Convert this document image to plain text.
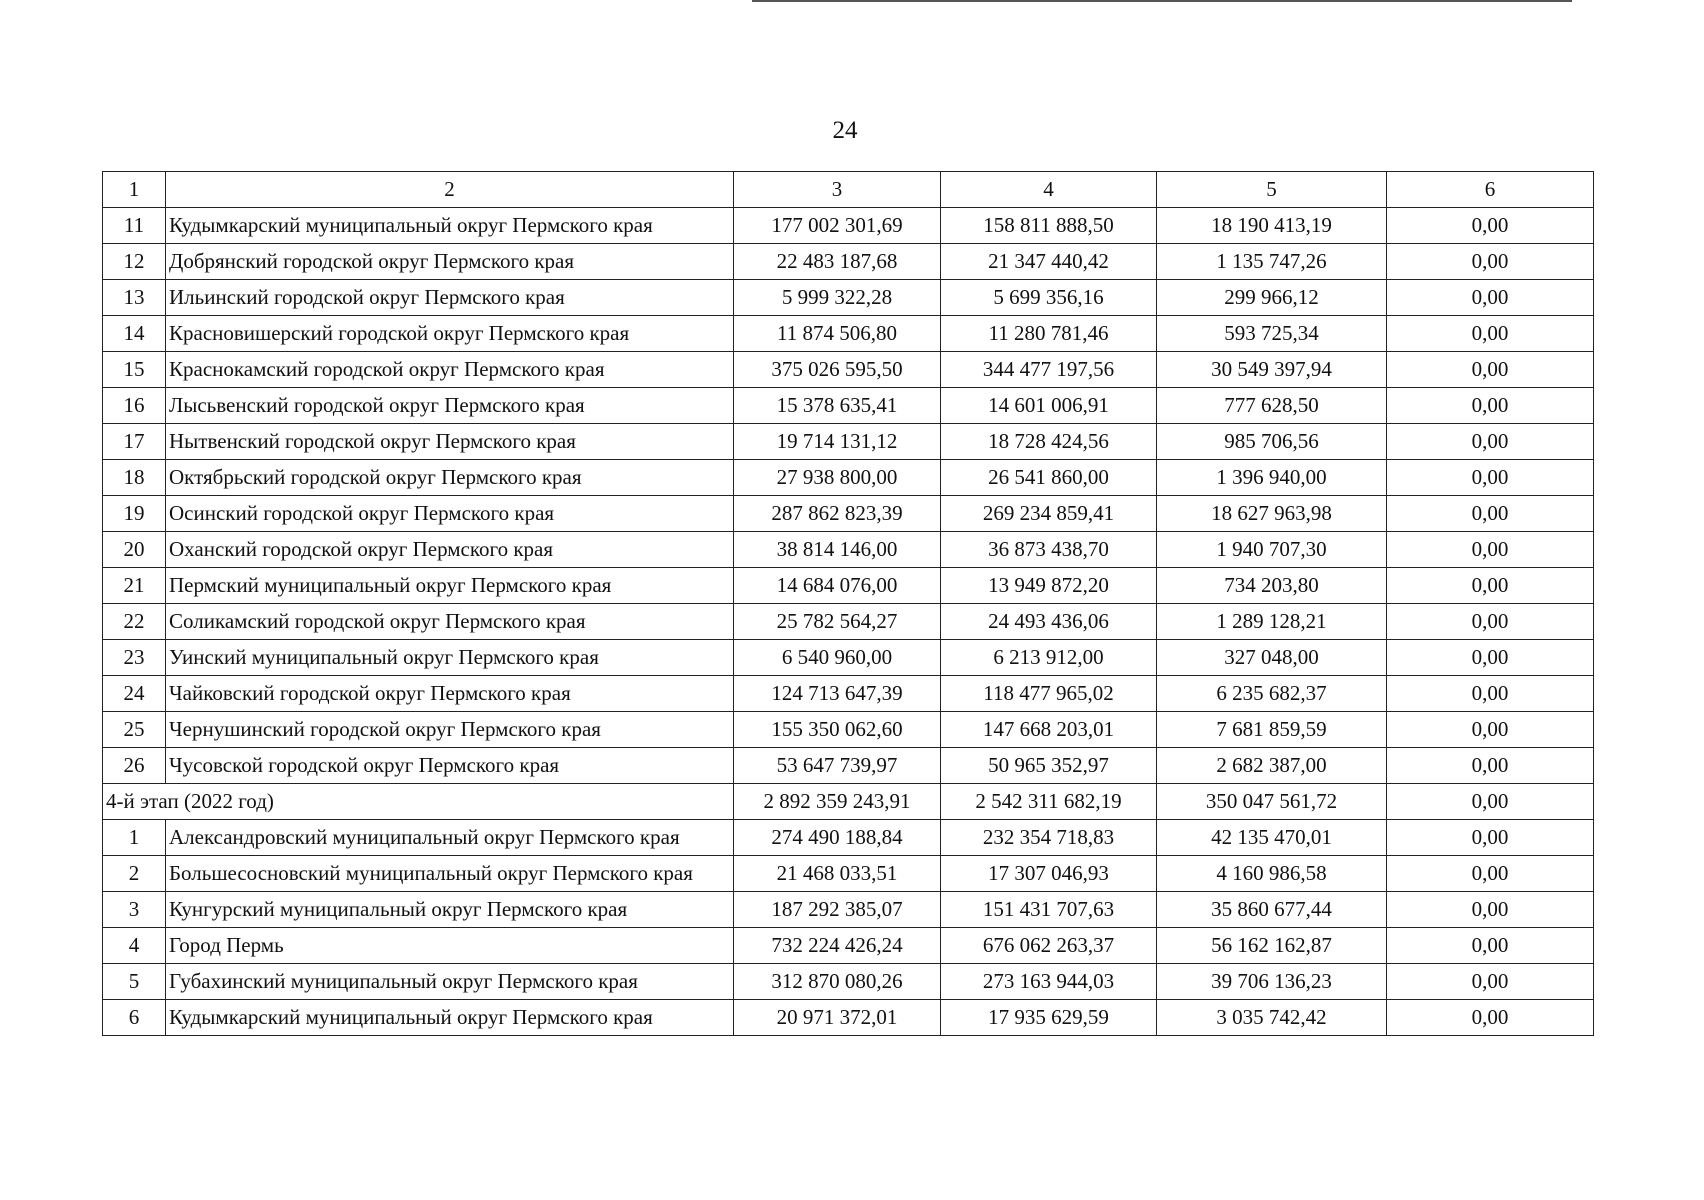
24
1	2	3	4	5	6
11	Кудымкарский муниципальный округ Пермского края	177 002 301,69	158 811 888,50	18 190 413,19	0,00
12	Добрянский городской округ Пермского края	22 483 187,68	21 347 440,42	1 135 747,26	0,00
13	Ильинский городской округ Пермского края	5 999 322,28	5 699 356,16	299 966,12	0,00
14	Красновишерский городской округ Пермского края	11 874 506,80	11 280 781,46	593 725,34	0,00
15	Краснокамский городской округ Пермского края	375 026 595,50	344 477 197,56	30 549 397,94	0,00
16	Лысьвенский городской округ Пермского края	15 378 635,41	14 601 006,91	777 628,50	0,00
17	Нытвенский городской округ Пермского края	19 714 131,12	18 728 424,56	985 706,56	0,00
18	Октябрьский городской округ Пермского края	27 938 800,00	26 541 860,00	1 396 940,00	0,00
19	Осинский городской округ Пермского края	287 862 823,39	269 234 859,41	18 627 963,98	0,00
20	Оханский городской округ Пермского края	38 814 146,00	36 873 438,70	1 940 707,30	0,00
21	Пермский муниципальный округ Пермского края	14 684 076,00	13 949 872,20	734 203,80	0,00
22	Соликамский городской округ Пермского края	25 782 564,27	24 493 436,06	1 289 128,21	0,00
23	Уинский муниципальный округ Пермского края	6 540 960,00	6 213 912,00	327 048,00	0,00
24	Чайковский городской округ Пермского края	124 713 647,39	118 477 965,02	6 235 682,37	0,00
25	Чернушинский городской округ Пермского края	155 350 062,60	147 668 203,01	7 681 859,59	0,00
26	Чусовской городской округ Пермского края	53 647 739,97	50 965 352,97	2 682 387,00	0,00
4-й этап (2022 год)		2 892 359 243,91	2 542 311 682,19	350 047 561,72	0,00
1	Александровский муниципальный округ Пермского края	274 490 188,84	232 354 718,83	42 135 470,01	0,00
2	Большесосновский муниципальный округ Пермского края	21 468 033,51	17 307 046,93	4 160 986,58	0,00
3	Кунгурский муниципальный округ Пермского края	187 292 385,07	151 431 707,63	35 860 677,44	0,00
4	Город Пермь	732 224 426,24	676 062 263,37	56 162 162,87	0,00
5	Губахинский муниципальный округ Пермского края	312 870 080,26	273 163 944,03	39 706 136,23	0,00
6	Кудымкарский муниципальный округ Пермского края	20 971 372,01	17 935 629,59	3 035 742,42	0,00
